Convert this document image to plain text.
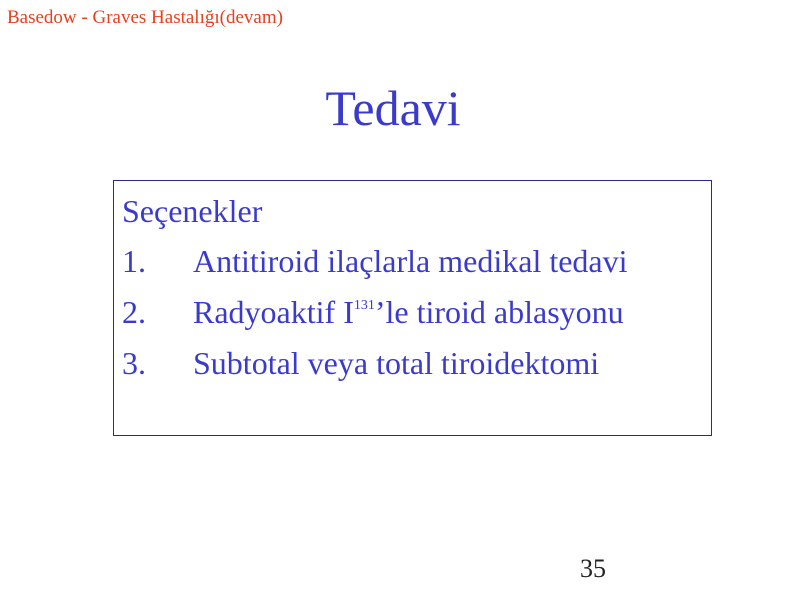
Basedow - Graves Hastalığı(devam)
Tedavi
Seçenekler
1. Antitiroid ilaçlarla medikal tedavi
2. Radyoaktif $I^{131}’le$ tiroid ablasyonu
3. Subtotal veya total tiroidektomi
35
